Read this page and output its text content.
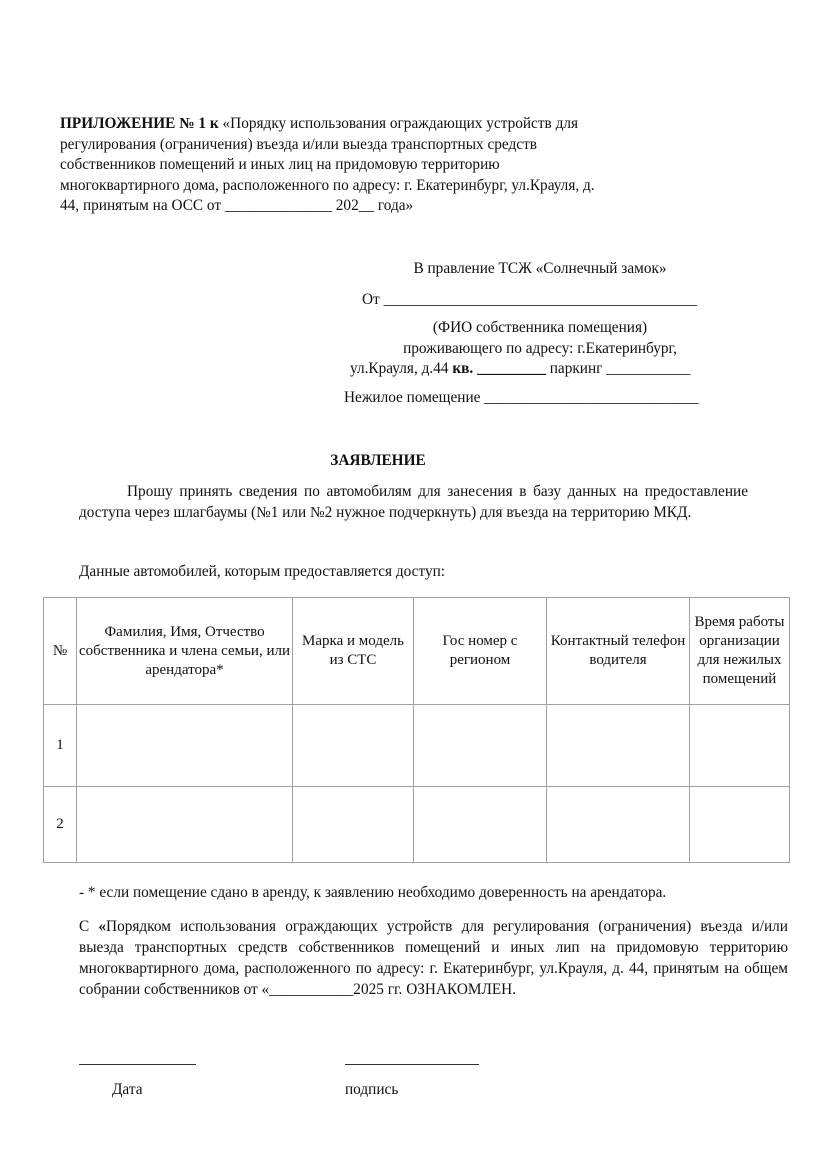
ПРИЛОЖЕНИЕ № 1 к «Порядку использования ограждающих устройств для
регулирования (ограничения) въезда и/или выезда транспортных средств
собственников помещений и иных лиц на придомовую территорию
многоквартирного дома, расположенного по адресу: г. Екатеринбург, ул.Крауля, д.
44, принятым на ОСС от ______________ 202__ года»
В правление ТСЖ «Солнечный замок»
От _________________________________________
(ФИО собственника помещения)
проживающего по адресу: г.Екатеринбург,
ул.Крауля, д.44 кв. _________ паркинг ___________
Нежилое помещение ____________________________
ЗАЯВЛЕНИЕ
Прошу принять сведения по автомобилям для занесения в базу данных на предоставление доступа через шлагбаумы (№1 или №2 нужное подчеркнуть) для въезда на территорию МКД.
Данные автомобилей, которым предоставляется доступ:
№	Фамилия, Имя, Отчество собственника и члена семьи, или арендатора*	Марка и модель из СТС	Гос номер с регионом	Контактный телефон водителя	Время работы организации для нежилых помещений
1					
2					
- * если помещение сдано в аренду, к заявлению необходимо доверенность на арендатора.
С «Порядком использования ограждающих устройств для регулирования (ограничения) въезда и/или выезда транспортных средств собственников помещений и иных лип на придомовую территорию многоквартирного дома, расположенного по адресу: г. Екатеринбург, ул.Крауля, д. 44, принятым на общем собрании собственников от «___________2025 гг. ОЗНАКОМЛЕН.
Дата	подпись
